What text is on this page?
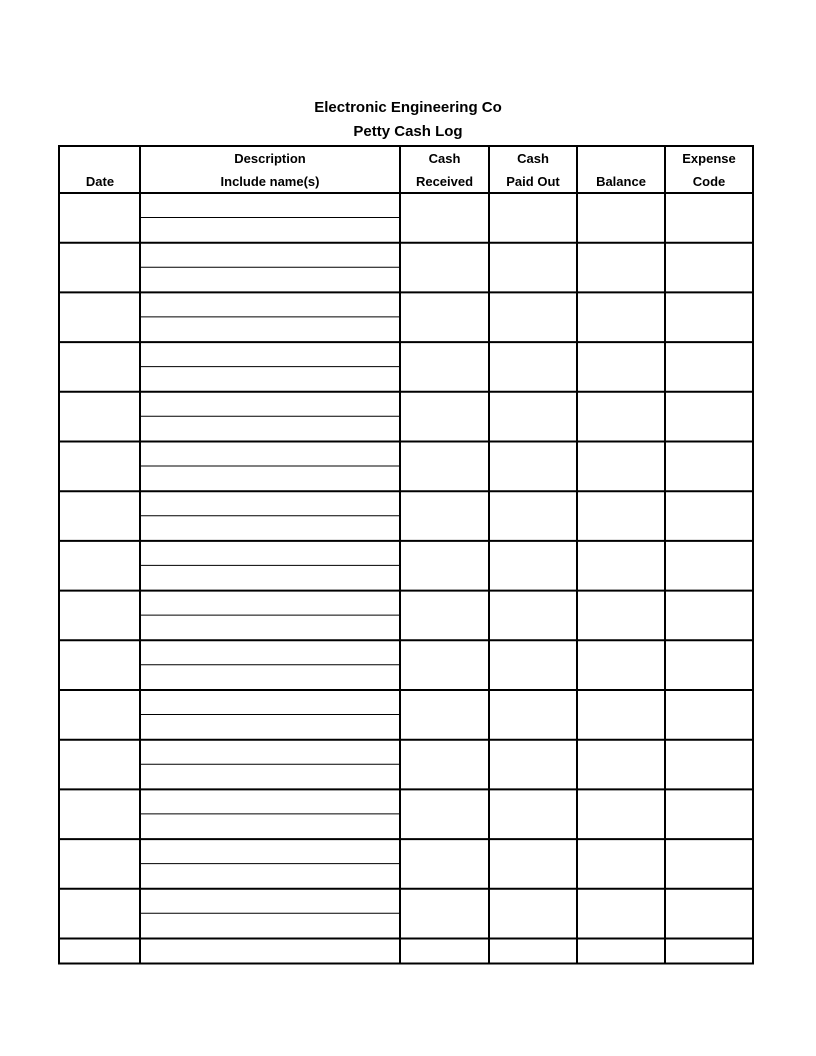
Electronic Engineering Co
Petty Cash Log
Date
Description
Include name(s)
Cash
Received
Cash
Paid Out	Balance
Expense
Code
